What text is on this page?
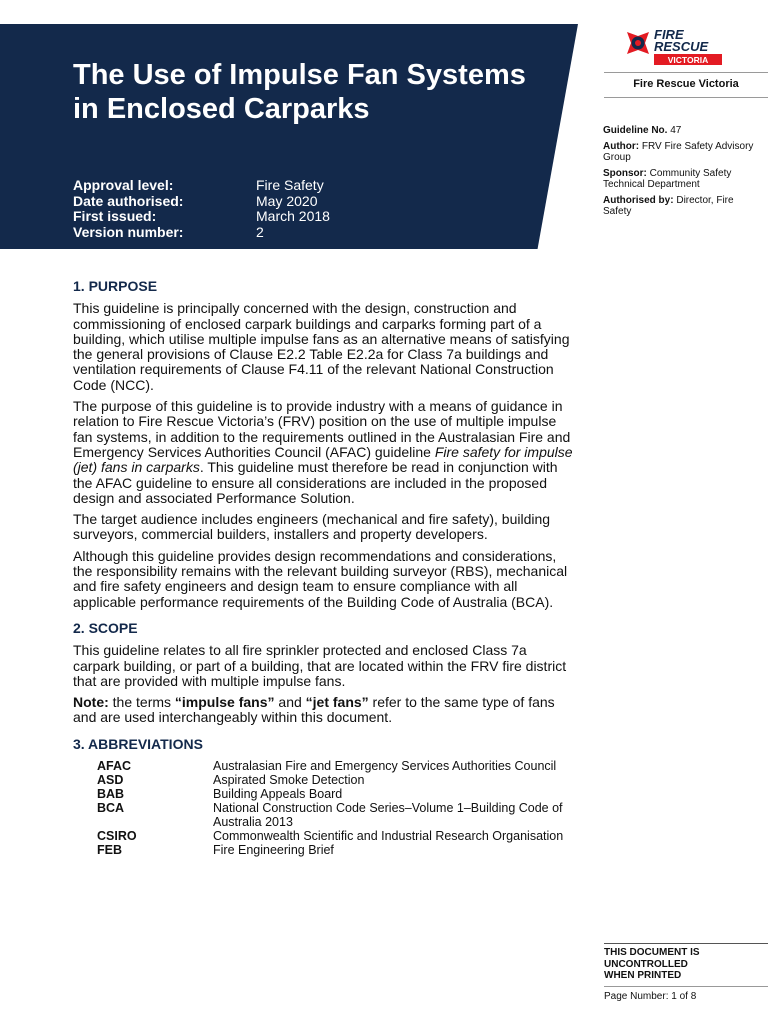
The Use of Impulse Fan Systems
in Enclosed Carparks
Approval level:	Fire Safety
Date authorised:	May 2020
First issued:	March 2018
Version number:	2
FIRE
RESCUE
VICTORIA
Fire Rescue Victoria
Guideline No. 47
Author: FRV Fire Safety Advisory Group
Sponsor: Community Safety Technical Department
Authorised by: Director, Fire Safety
1. PURPOSE

This guideline is principally concerned with the design, construction and commissioning of enclosed carpark buildings and carparks forming part of a building, which utilise multiple impulse fans as an alternative means of satisfying the general provisions of Clause E2.2 Table E2.2a for Class 7a buildings and ventilation requirements of Clause F4.11 of the relevant National Construction Code (NCC).

The purpose of this guideline is to provide industry with a means of guidance in relation to Fire Rescue Victoria’s (FRV) position on the use of multiple impulse fan systems, in addition to the requirements outlined in the Australasian Fire and Emergency Services Authorities Council (AFAC) guideline Fire safety for impulse (jet) fans in carparks. This guideline must therefore be read in conjunction with the AFAC guideline to ensure all considerations are included in the proposed design and associated Performance Solution.

The target audience includes engineers (mechanical and fire safety), building surveyors, commercial builders, installers and property developers.

Although this guideline provides design recommendations and considerations, the responsibility remains with the relevant building surveyor (RBS), mechanical and fire safety engineers and design team to ensure compliance with all applicable performance requirements of the Building Code of Australia (BCA).

2. SCOPE

This guideline relates to all fire sprinkler protected and enclosed Class 7a carpark building, or part of a building, that are located within the FRV fire district that are provided with multiple impulse fans.

Note: the terms “impulse fans” and “jet fans” refer to the same type of fans and are used interchangeably within this document.

3. ABBREVIATIONS
AFAC	Australasian Fire and Emergency Services Authorities Council
ASD	Aspirated Smoke Detection
BAB	Building Appeals Board
BCA	National Construction Code Series–Volume 1–Building Code of Australia 2013
CSIRO	Commonwealth Scientific and Industrial Research Organisation
FEB	Fire Engineering Brief
THIS DOCUMENT IS
UNCONTROLLED
WHEN PRINTED
Page Number: 1 of 8
